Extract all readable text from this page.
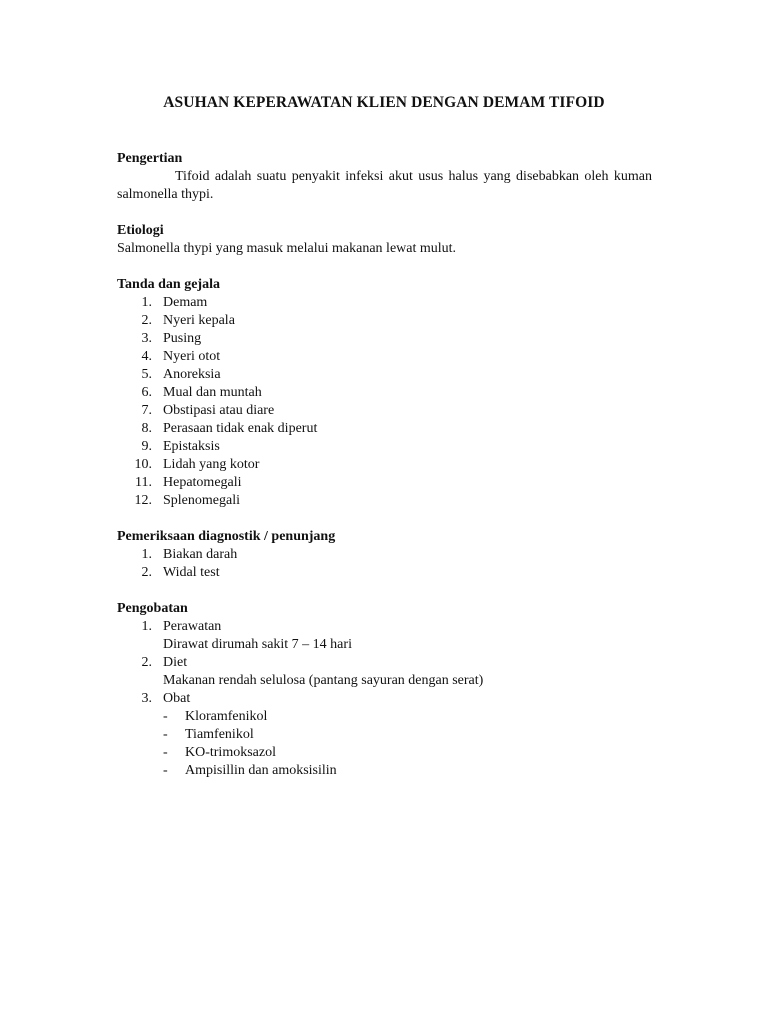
ASUHAN KEPERAWATAN KLIEN DENGAN DEMAM TIFOID

Pengertian

Tifoid adalah suatu penyakit infeksi akut usus halus yang disebabkan oleh kuman salmonella thypi.

Etiologi

Salmonella thypi yang masuk melalui makanan lewat mulut.

Tanda dan gejala

1. Demam
2. Nyeri kepala
3. Pusing
4. Nyeri otot
5. Anoreksia
6. Mual dan muntah
7. Obstipasi atau diare
8. Perasaan tidak enak diperut
9. Epistaksis
10. Lidah yang kotor
11. Hepatomegali
12. Splenomegali

Pemeriksaan diagnostik / penunjang

1. Biakan darah
2. Widal test

Pengobatan

1. Perawatan

Dirawat dirumah sakit 7 – 14 hari

2. Diet

Makanan rendah selulosa (pantang sayuran dengan serat)

3. Obat
- Kloramfenikol
- Tiamfenikol
- KO-trimoksazol
- Ampisillin dan amoksisilin
